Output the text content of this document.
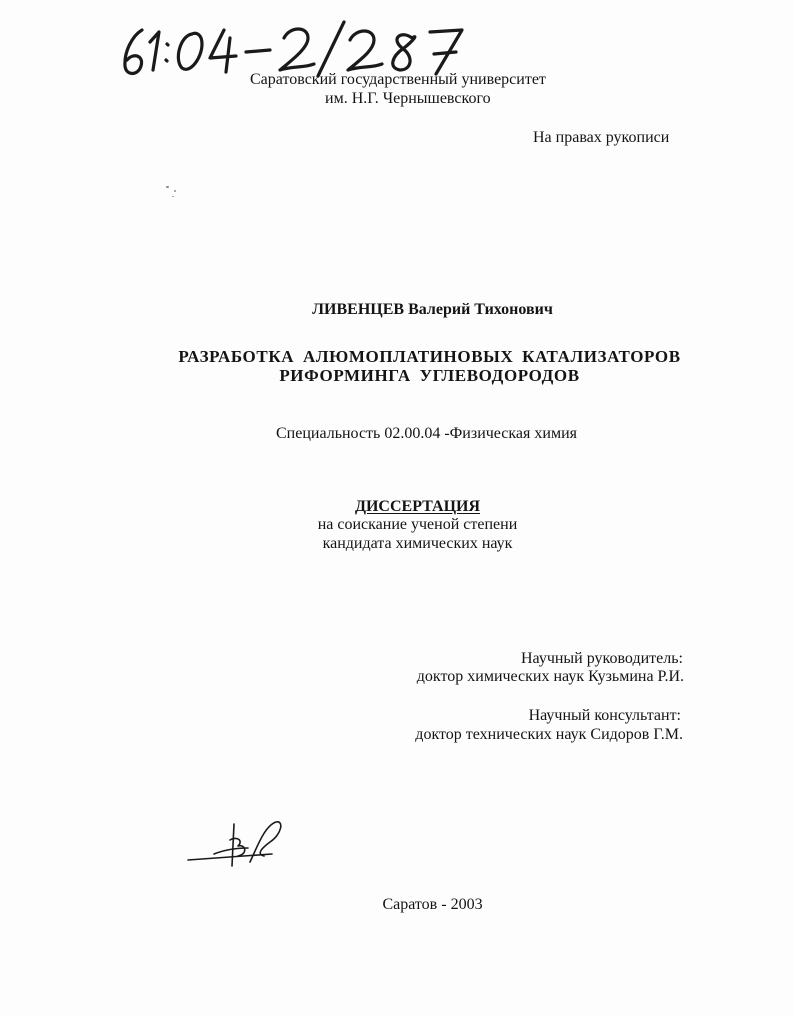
Саратовский государственный университет
им. Н.Г. Чернышевского
На правах рукописи
ЛИВЕНЦЕВ Валерий Тихонович
РАЗРАБОТКА АЛЮМОПЛАТИНОВЫХ КАТАЛИЗАТОРОВ
РИФОРМИНГА УГЛЕВОДОРОДОВ
Специальность 02.00.04 -Физическая химия
ДИССЕРТАЦИЯ
на соискание ученой степени
кандидата химических наук
Научный руководитель:
доктор химических наук Кузьмина Р.И.
Научный консультант:
доктор технических наук Сидоров Г.М.
Саратов - 2003
